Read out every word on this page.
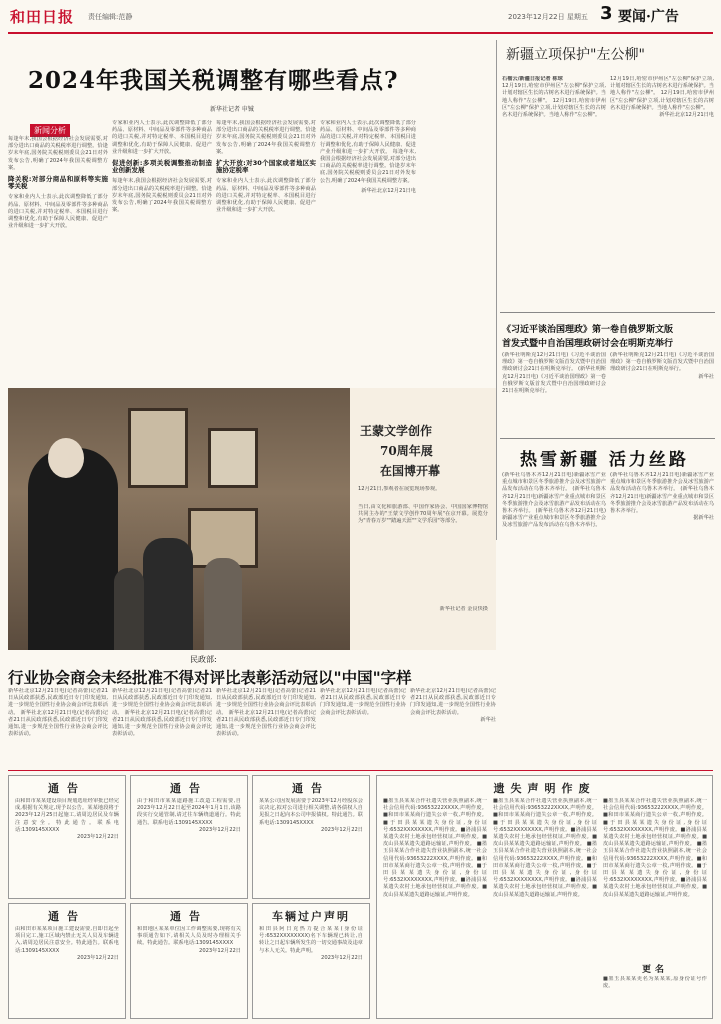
和田日报 责任编辑:范静	2023年12月22日 星期五 3 要闻·广告
2024年我国关税调整有哪些看点?
新华社记者 申铖
新闻分析
每逢年末,我国会根据经济社会发展需要,对部分进出口商品的关税税率进行调整。恰逢岁末年底,国务院关税税则委员会21日对外发布公告,明确了2024年我国关税调整方案。
降关税:对部分商品和原料等实施零关税
专家和业内人士表示,此次调整降低了部分药品、原材料、中间品及零部件等多种商品的进口关税,并对特定税率、本国税目进行调整和优化,有助于保障人民健康、促进产业升级和进一步扩大开放。
专家和业内人士表示,此次调整降低了部分药品、原材料、中间品及零部件等多种商品的进口关税,并对特定税率、本国税目进行调整和优化,有助于保障人民健康、促进产业升级和进一步扩大开放。
促进创新:多项关税调整推动制造业创新发展
每逢年末,我国会根据经济社会发展需要,对部分进出口商品的关税税率进行调整。恰逢岁末年底,国务院关税税则委员会21日对外发布公告,明确了2024年我国关税调整方案。
每逢年末,我国会根据经济社会发展需要,对部分进出口商品的关税税率进行调整。恰逢岁末年底,国务院关税税则委员会21日对外发布公告,明确了2024年我国关税调整方案。
扩大开放:对30个国家或者地区实施协定税率
专家和业内人士表示,此次调整降低了部分药品、原材料、中间品及零部件等多种商品的进口关税,并对特定税率、本国税目进行调整和优化,有助于保障人民健康、促进产业升级和进一步扩大开放。
专家和业内人士表示,此次调整降低了部分药品、原材料、中间品及零部件等多种商品的进口关税,并对特定税率、本国税目进行调整和优化,有助于保障人民健康、促进产业升级和进一步扩大开放。 每逢年末,我国会根据经济社会发展需要,对部分进出口商品的关税税率进行调整。恰逢岁末年底,国务院关税税则委员会21日对外发布公告,明确了2024年我国关税调整方案。
新华社北京12月21日电
新疆立项保护"左公柳"
石榴云/新疆日报记者 栋琼
12月19日,哈密市伊州区"左公柳"保护立项,计划对辖区生长的古树名木进行系统保护。当地人称作"左公柳"。 12月19日,哈密市伊州区"左公柳"保护立项,计划对辖区生长的古树名木进行系统保护。当地人称作"左公柳"。
12月19日,哈密市伊州区"左公柳"保护立项,计划对辖区生长的古树名木进行系统保护。当地人称作"左公柳"。 12月19日,哈密市伊州区"左公柳"保护立项,计划对辖区生长的古树名木进行系统保护。当地人称作"左公柳"。
新华社北京12月21日电
《习近平谈治国理政》第一卷自俄罗斯文版
首发式暨中自治国理政研讨会在明斯克举行
(新华社明斯克12月21日电)《习近平谈治国理政》第一卷自俄罗斯文版首发式暨中自治国理政研讨会21日在明斯克举行。 (新华社明斯克12月21日电)《习近平谈治国理政》第一卷自俄罗斯文版首发式暨中自治国理政研讨会21日在明斯克举行。
(新华社明斯克12月21日电)《习近平谈治国理政》第一卷自俄罗斯文版首发式暨中自治国理政研讨会21日在明斯克举行。
新华社
热雪新疆 活力丝路
(新华社乌鲁木齐12月21日电)新疆冰雪产业重点城市和景区冬季旅游推介会及冰雪旅游产品发布活动在乌鲁木齐举行。 (新华社乌鲁木齐12月21日电)新疆冰雪产业重点城市和景区冬季旅游推介会及冰雪旅游产品发布活动在乌鲁木齐举行。 (新华社乌鲁木齐12月21日电)新疆冰雪产业重点城市和景区冬季旅游推介会及冰雪旅游产品发布活动在乌鲁木齐举行。
(新华社乌鲁木齐12月21日电)新疆冰雪产业重点城市和景区冬季旅游推介会及冰雪旅游产品发布活动在乌鲁木齐举行。 (新华社乌鲁木齐12月21日电)新疆冰雪产业重点城市和景区冬季旅游推介会及冰雪旅游产品发布活动在乌鲁木齐举行。
据新华社
王蒙文学创作
70周年展
在国博开幕
12月21日,参观者在展览现场参观。
当日,由文化和旅游部、中国作家协会、中国国家博物馆共同主办的"王蒙文学创作70周年展"在京开幕。展览分为"青春万岁""踏遍天涯""文学乐园"等部分。
新华社记者 金良快摄
民政部:
行业协会商会未经批准不得对评比表彰活动冠以"中国"字样
新华社北京12月21日电(记者高蕾)记者21日从民政部获悉,民政部近日专门印发通知,进一步规范全国性行业协会商会评比表彰活动。 新华社北京12月21日电(记者高蕾)记者21日从民政部获悉,民政部近日专门印发通知,进一步规范全国性行业协会商会评比表彰活动。
新华社北京12月21日电(记者高蕾)记者21日从民政部获悉,民政部近日专门印发通知,进一步规范全国性行业协会商会评比表彰活动。 新华社北京12月21日电(记者高蕾)记者21日从民政部获悉,民政部近日专门印发通知,进一步规范全国性行业协会商会评比表彰活动。
新华社北京12月21日电(记者高蕾)记者21日从民政部获悉,民政部近日专门印发通知,进一步规范全国性行业协会商会评比表彰活动。 新华社北京12月21日电(记者高蕾)记者21日从民政部获悉,民政部近日专门印发通知,进一步规范全国性行业协会商会评比表彰活动。
新华社北京12月21日电(记者高蕾)记者21日从民政部获悉,民政部近日专门印发通知,进一步规范全国性行业协会商会评比表彰活动。
新华社北京12月21日电(记者高蕾)记者21日从民政部获悉,民政部近日专门印发通知,进一步规范全国性行业协会商会评比表彰活动。
新华社
通告
由和田市某某建设项目规划选址经审批已经完成,根据有关规定,现予以公告。某某地段将于2023年12月25日起施工,请周边居民及车辆注意安全。特此通告。联系电话:1309145XXXX
2023年12月22日
通告
由于和田市某某道路施工改造工程需要,自2023年12月22日起至2024年1月1日,该路段实行交通管制,请过往车辆绕道通行。特此通告。联系电话:1309145XXXX
2023年12月22日
通告
某某公司因发展需要于2023年12月经股东会议决定,拟对公司进行相关调整,请各债权人自见报之日起向本公司申报债权。特此通告。联系电话:1309145XXXX
2023年12月22日
通告
由和田市某某项目施工建设需要,自即日起至项目完工,施工区域内禁止无关人员及车辆进入,请周边居民注意安全。特此通告。联系电话:1309145XXXX
2023年12月22日
通告
和田地区某某单位因工作调整需要,现将有关事项通告如下,请相关人员及时办理相关手续。特此通告。联系电话:1309145XXXX
2023年12月22日
车辆过户声明
和田县阿日克热力提合某某(身份证号:6532XXXXXXXX)名下车辆现已转让,自转让之日起车辆所发生的一切交通事故及违章与本人无关。特此声明。
2023年12月22日
遗失声明作废
■墨玉县某某合作社遗失营业执照副本,统一社会信用代码:93653222XXXX,声明作废。■和田市某某商行遗失公章一枚,声明作废。■于田县某某遗失身份证,身份证号:6532XXXXXXXX,声明作废。■洛浦县某某遗失农村土地承包经营权证,声明作废。■皮山县某某遗失道路运输证,声明作废。 ■墨玉县某某合作社遗失营业执照副本,统一社会信用代码:93653222XXXX,声明作废。■和田市某某商行遗失公章一枚,声明作废。■于田县某某遗失身份证,身份证号:6532XXXXXXXX,声明作废。■洛浦县某某遗失农村土地承包经营权证,声明作废。■皮山县某某遗失道路运输证,声明作废。
■墨玉县某某合作社遗失营业执照副本,统一社会信用代码:93653222XXXX,声明作废。■和田市某某商行遗失公章一枚,声明作废。■于田县某某遗失身份证,身份证号:6532XXXXXXXX,声明作废。■洛浦县某某遗失农村土地承包经营权证,声明作废。■皮山县某某遗失道路运输证,声明作废。 ■墨玉县某某合作社遗失营业执照副本,统一社会信用代码:93653222XXXX,声明作废。■和田市某某商行遗失公章一枚,声明作废。■于田县某某遗失身份证,身份证号:6532XXXXXXXX,声明作废。■洛浦县某某遗失农村土地承包经营权证,声明作废。■皮山县某某遗失道路运输证,声明作废。
■墨玉县某某合作社遗失营业执照副本,统一社会信用代码:93653222XXXX,声明作废。■和田市某某商行遗失公章一枚,声明作废。■于田县某某遗失身份证,身份证号:6532XXXXXXXX,声明作废。■洛浦县某某遗失农村土地承包经营权证,声明作废。■皮山县某某遗失道路运输证,声明作废。 ■墨玉县某某合作社遗失营业执照副本,统一社会信用代码:93653222XXXX,声明作废。■和田市某某商行遗失公章一枚,声明作废。■于田县某某遗失身份证,身份证号:6532XXXXXXXX,声明作废。■洛浦县某某遗失农村土地承包经营权证,声明作废。■皮山县某某遗失道路运输证,声明作废。
更名
■墨玉县某某更名为某某某,原身份证号作废。
